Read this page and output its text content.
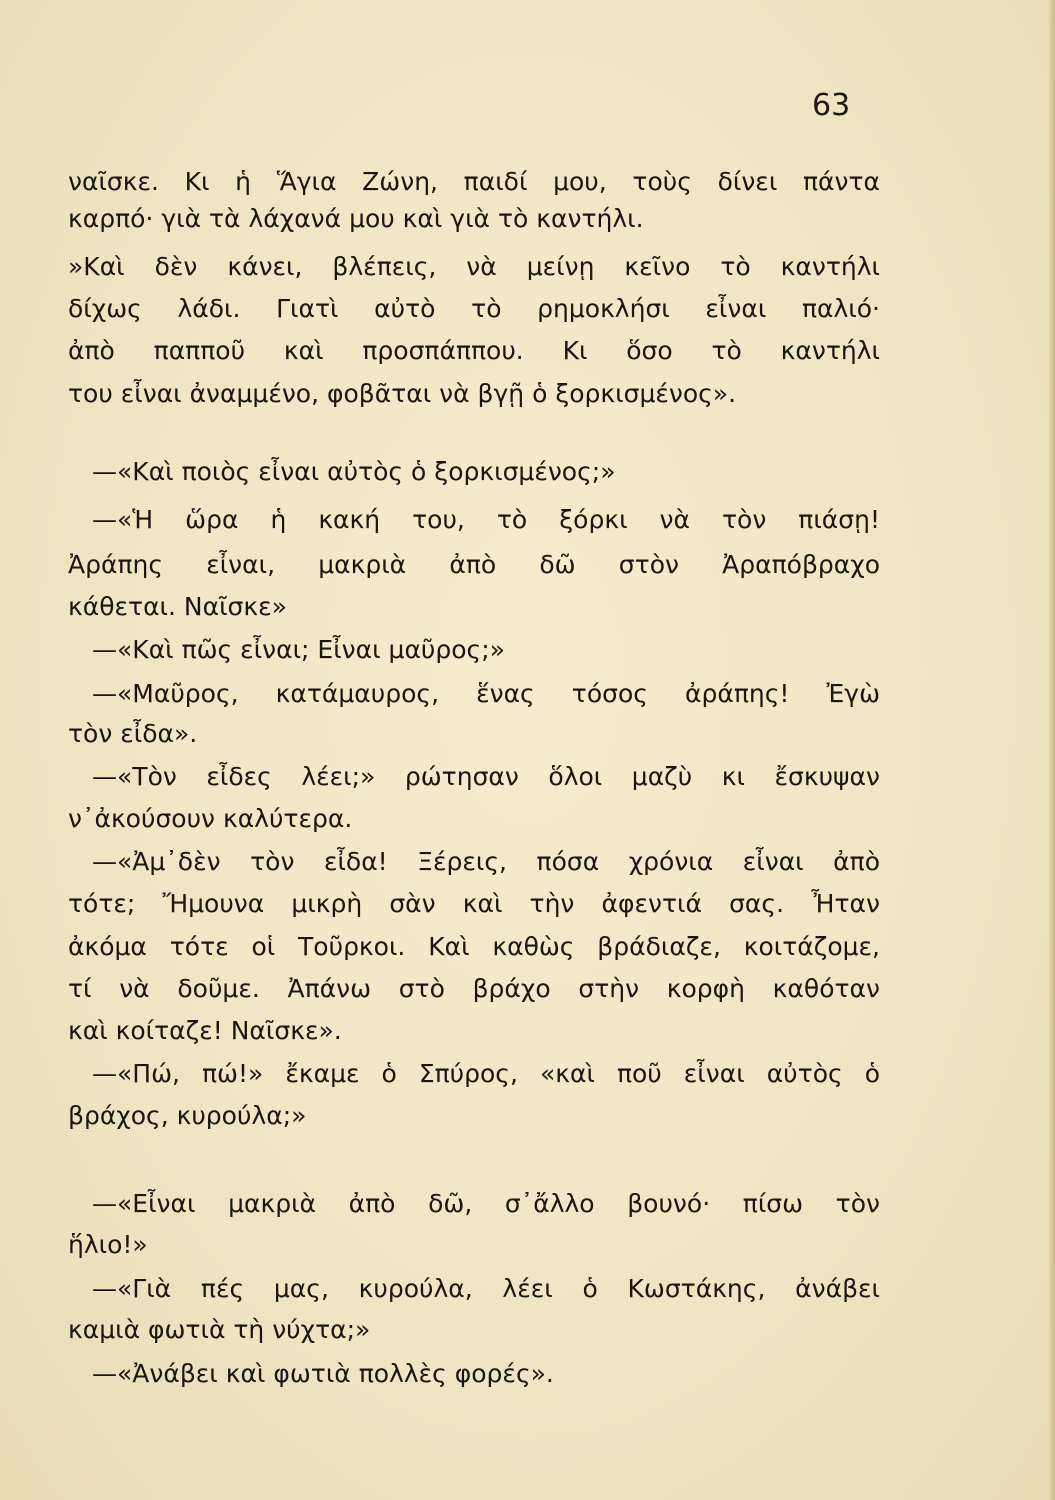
63
ναῖσκε. Κι ἡ Ἅγια Ζώνη, παιδί μου, τοὺς δίνει πάντα
καρπό· γιὰ τὰ λάχανά μου καὶ γιὰ τὸ καντήλι.
»Καὶ δὲν κάνει, βλέπεις, νὰ μείνῃ κεῖνο τὸ καντήλι
δίχως λάδι. Γιατὶ αὐτὸ τὸ ρημοκλήσι εἶναι παλιό·
ἀπὸ παπποῦ καὶ προσπάππου. Κι ὅσο τὸ καντήλι
του εἶναι ἀναμμένο, φοβᾶται νὰ βγῇ ὁ ξορκισμένος».
—«Καὶ ποιὸς εἶναι αὐτὸς ὁ ξορκισμένος;»
—«Ἡ ὥρα ἡ κακή του, τὸ ξόρκι νὰ τὸν πιάσῃ!
Ἀράπης εἶναι, μακριὰ ἀπὸ δῶ στὸν Ἀραπόβραχο
κάθεται. Ναῖσκε»
—«Καὶ πῶς εἶναι; Εἶναι μαῦρος;»
—«Μαῦρος, κατάμαυρος, ἕνας τόσος ἀράπης! Ἐγὼ
τὸν εἶδα».
—«Τὸν εἶδες λέει;» ρώτησαν ὅλοι μαζὺ κι ἔσκυψαν
ν᾿ἀκούσουν καλύτερα.
—«Ἀμ᾿δὲν τὸν εἶδα! Ξέρεις, πόσα χρόνια εἶναι ἀπὸ
τότε; Ἤμουνα μικρὴ σὰν καὶ τὴν ἀφεντιά σας. Ἦταν
ἀκόμα τότε οἱ Τοῦρκοι. Καὶ καθὼς βράδιαζε, κοιτάζομε,
τί νὰ δοῦμε. Ἀπάνω στὸ βράχο στὴν κορφὴ καθόταν
καὶ κοίταζε! Ναῖσκε».
—«Πώ, πώ!» ἔκαμε ὁ Σπύρος, «καὶ ποῦ εἶναι αὐτὸς ὁ
βράχος, κυρούλα;»
—«Εἶναι μακριὰ ἀπὸ δῶ, σ᾿ἄλλο βουνό· πίσω τὸν
ἥλιο!»
—«Γιὰ πές μας, κυρούλα, λέει ὁ Κωστάκης, ἀνάβει
καμιὰ φωτιὰ τὴ νύχτα;»
—«Ἀνάβει καὶ φωτιὰ πολλὲς φορές».
